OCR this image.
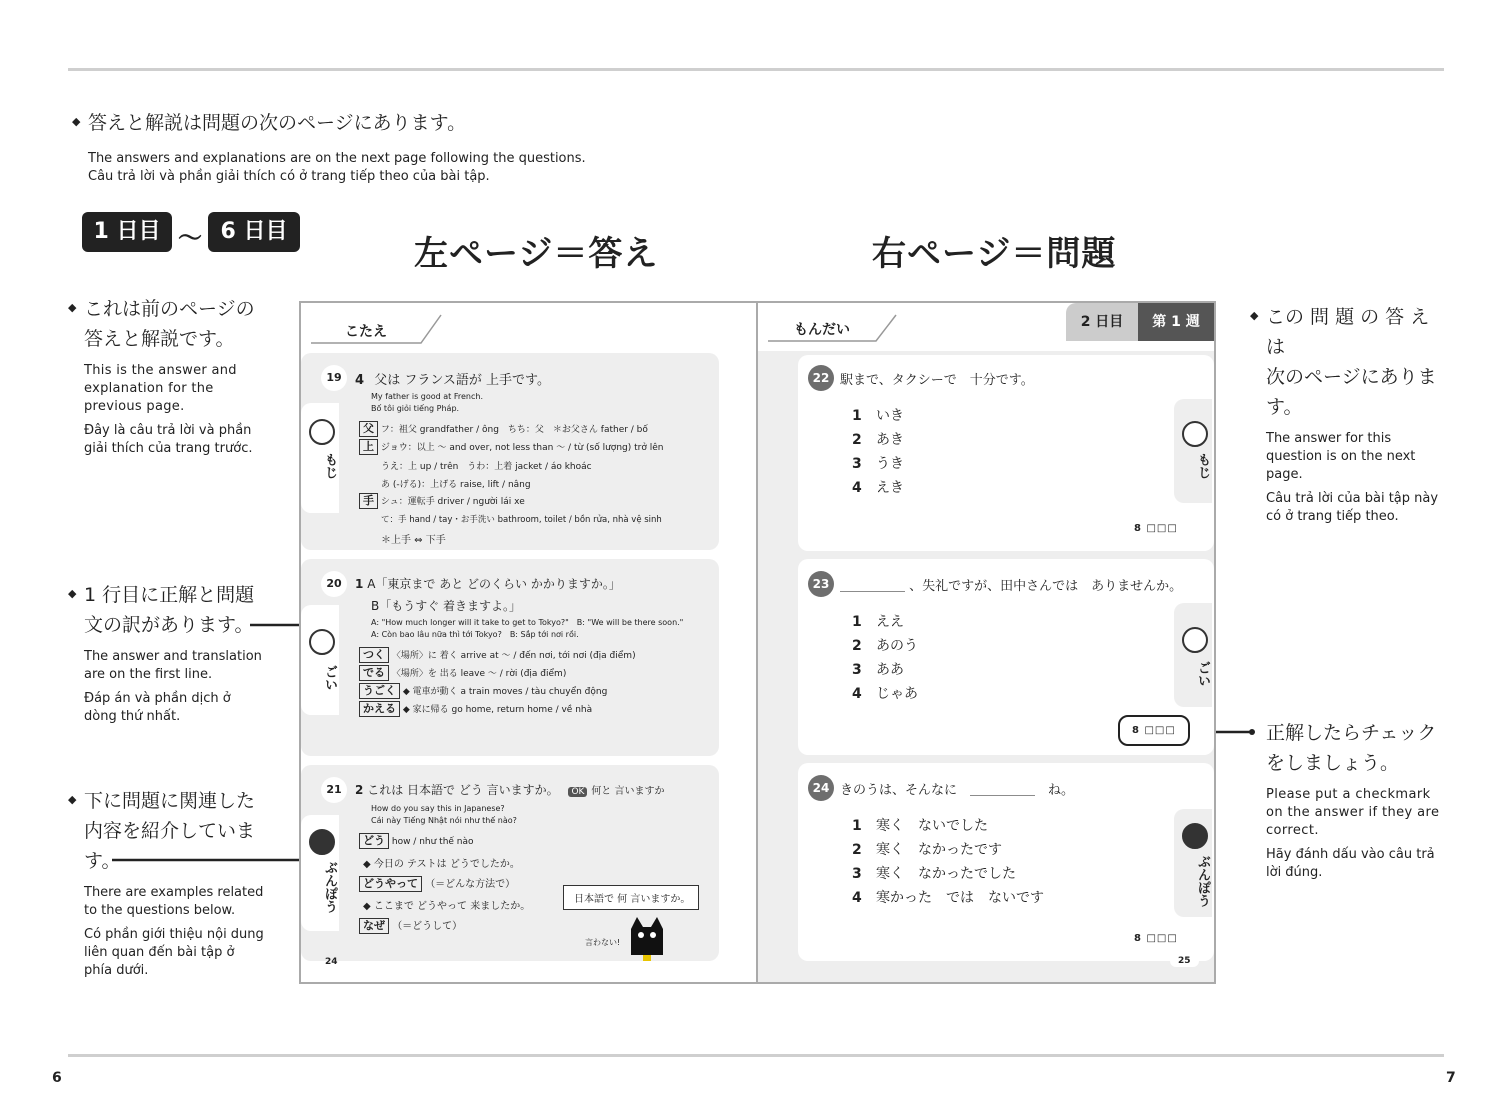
6	7
◆ 答えと解説は問題の次のページにあります。
The answers and explanations are on the next page following the questions.
Câu trả lời và phần giải thích có ở trang tiếp theo của bài tập.
1 日目 〜 6 日目
左ページ＝答え	右ページ＝問題
◆ これは前のページの
答えと解説です。
This is the answer and explanation for the previous page.
Đây là câu trả lời và phần giải thích của trang trước.
◆ 1 行目に正解と問題
文の訳があります。
The answer and translation are on the first line.
Đáp án và phần dịch ở dòng thứ nhất.
◆ 下に問題に関連した
内容を紹介していま
す。
There are examples related to the questions below.
Có phần giới thiệu nội dung liên quan đến bài tập ở phía dưới.
◆ この 問 題 の 答 え は
次のページにありま
す。
The answer for this question is on the next page.
Câu trả lời của bài tập này có ở trang tiếp theo.
正解したらチェック
をしましょう。
Please put a checkmark on the answer if they are correct.
Hãy đánh dấu vào câu trả lời đúng.
こたえ
19	4 父は フランス語が 上手です。
My father is good at French.
Bố tôi giỏi tiếng Pháp.
父 フ：祖父 grandfather / ông　ちち：父　＊お父さん father / bố
上 ジョウ：以上 ～ and over, not less than ～ / từ (số lượng) trở lên
うえ：上 up / trên　うわ：上着 jacket / áo khoác
あ (-げる)：上げる raise, lift / nâng
手 シュ：運転手 driver / người lái xe
て：手 hand / tay・お手洗い bathroom, toilet / bồn rửa, nhà vệ sinh
＊上手 ⇔ 下手
もじ
20	1 A「東京まで あと どのくらい かかりますか。」
B「もうすぐ 着きますよ。」
A: "How much longer will it take to get to Tokyo?"　B: "We will be there soon."
A: Còn bao lâu nữa thì tới Tokyo?　B: Sắp tới nơi rồi.
つく 〈場所〉に 着く arrive at ～ / đến nơi, tới nơi (địa điểm)
でる 〈場所〉を 出る leave ～ / rời (địa điểm)
うごく ◆ 電車が動く a train moves / tàu chuyển động
かえる ◆ 家に帰る go home, return home / về nhà
ごい
21	2 これは 日本語で どう 言いますか。 OK 何と 言いますか
How do you say this in Japanese?
Cái này Tiếng Nhật nói như thế nào?
どう how / như thế nào
◆ 今日の テストは どうでしたか。
どうやって （＝どんな方法で）
◆ ここまで どうやって 来ましたか。
なぜ （＝どうして）
日本語で 何 言いますか。
言わない!
ぶんぽう
24
もんだい	2 日目	第 1 週
22 駅まで、タクシーで　十分です。
1 いき
2 あき
3 うき
4 えき
8 □□□
もじ
23 ＿＿＿＿＿ 、失礼ですが、田中さんでは　ありませんか。
1 ええ
2 あのう
3 ああ
4 じゃあ
8 □□□
ごい
24 きのうは、そんなに　＿＿＿＿＿　ね。
1 寒く　ないでした
2 寒く　なかったです
3 寒く　なかったでした
4 寒かった　では　ないです
8 □□□
ぶんぽう
25
